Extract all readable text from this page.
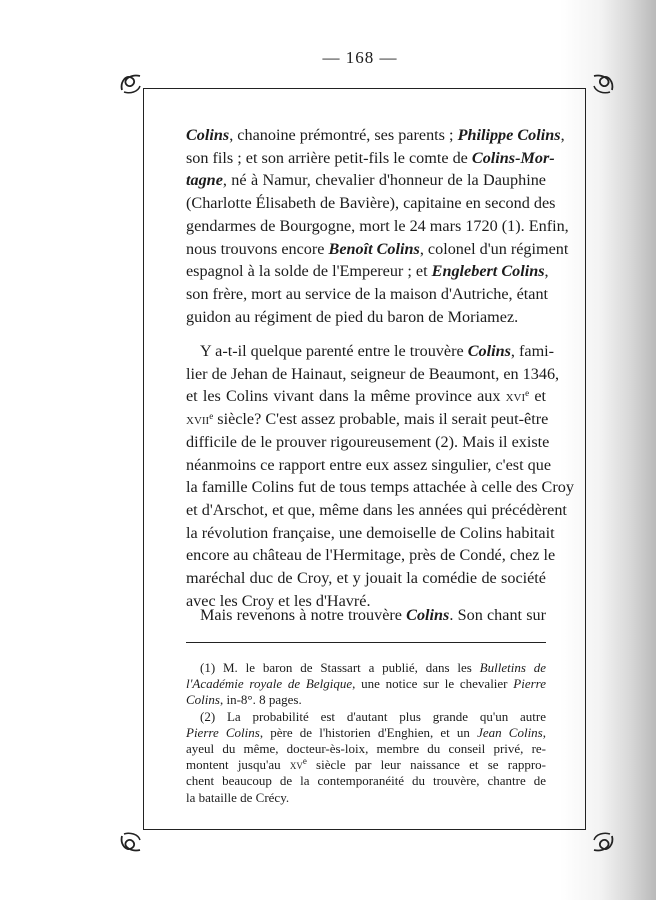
— 168 —
Colins, chanoine prémontré, ses parents ; Philippe Colins,
son fils ; et son arrière petit-fils le comte de Colins-Mor-
tagne, né à Namur, chevalier d'honneur de la Dauphine
(Charlotte Élisabeth de Bavière), capitaine en second des
gendarmes de Bourgogne, mort le 24 mars 1720 (1). Enfin,
nous trouvons encore Benoît Colins, colonel d'un régiment
espagnol à la solde de l'Empereur ; et Englebert Colins,
son frère, mort au service de la maison d'Autriche, étant
guidon au régiment de pied du baron de Moriamez.
Y a-t-il quelque parenté entre le trouvère Colins, fami-
lier de Jehan de Hainaut, seigneur de Beaumont, en 1346,
et les Colins vivant dans la même province aux xvi$^e$ et
xvii$^e$ siècle? C'est assez probable, mais il serait peut-être
difficile de le prouver rigoureusement (2). Mais il existe
néanmoins ce rapport entre eux assez singulier, c'est que
la famille Colins fut de tous temps attachée à celle des Croy
et d'Arschot, et que, même dans les années qui précédèrent
la révolution française, une demoiselle de Colins habitait
encore au château de l'Hermitage, près de Condé, chez le
maréchal duc de Croy, et y jouait la comédie de société
avec les Croy et les d'Havré.
Mais revenons à notre trouvère Colins. Son chant sur
(1) M. le baron de Stassart a publié, dans les Bulletins de
l'Académie royale de Belgique, une notice sur le chevalier Pierre
Colins, in-8°. 8 pages.
(2) La probabilité est d'autant plus grande qu'un autre
Pierre Colins, père de l'historien d'Enghien, et un Jean Colins,
ayeul du même, docteur-ès-loix, membre du conseil privé, re-
montent jusqu'au $xv^e$ siècle par leur naissance et se rappro-
chent beaucoup de la contemporanéité du trouvère, chantre de
la bataille de Crécy.
